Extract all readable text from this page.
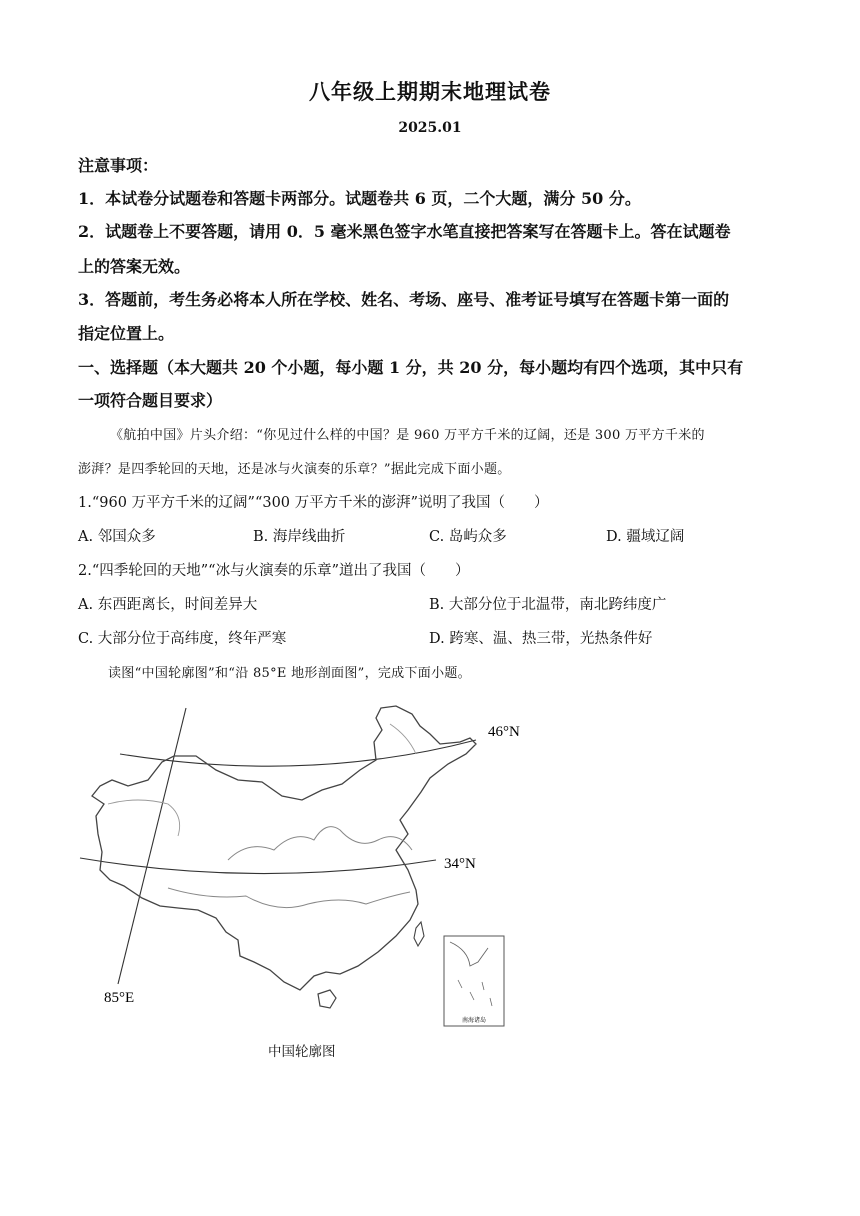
八年级上期期末地理试卷
2025.01
注意事项：
1．本试卷分试题卷和答题卡两部分。试题卷共 6 页，二个大题，满分 50 分。
2．试题卷上不要答题，请用 0．5 毫米黑色签字水笔直接把答案写在答题卡上。答在试题卷
上的答案无效。
3．答题前，考生务必将本人所在学校、姓名、考场、座号、准考证号填写在答题卡第一面的
指定位置上。
一、选择题（本大题共 20 个小题，每小题 1 分，共 20 分，每小题均有四个选项，其中只有
一项符合题目要求）
《航拍中国》片头介绍：“你见过什么样的中国？是 960 万平方千米的辽阔，还是 300 万平方千米的
澎湃？是四季轮回的天地，还是冰与火演奏的乐章？”据此完成下面小题。
1.“960 万平方千米的辽阔”“300 万平方千米的澎湃”说明了我国（　　）
A. 邻国众多	B. 海岸线曲折	C. 岛屿众多	D. 疆域辽阔
2.“四季轮回的天地”“冰与火演奏的乐章”道出了我国（　　）
A. 东西距离长，时间差异大	B. 大部分位于北温带，南北跨纬度广
C. 大部分位于高纬度，终年严寒	D. 跨寒、温、热三带，光热条件好
读图“中国轮廓图”和“沿 85°E 地形剖面图”，完成下面小题。
46°N
34°N
85°E
南海诸岛
中国轮廓图
